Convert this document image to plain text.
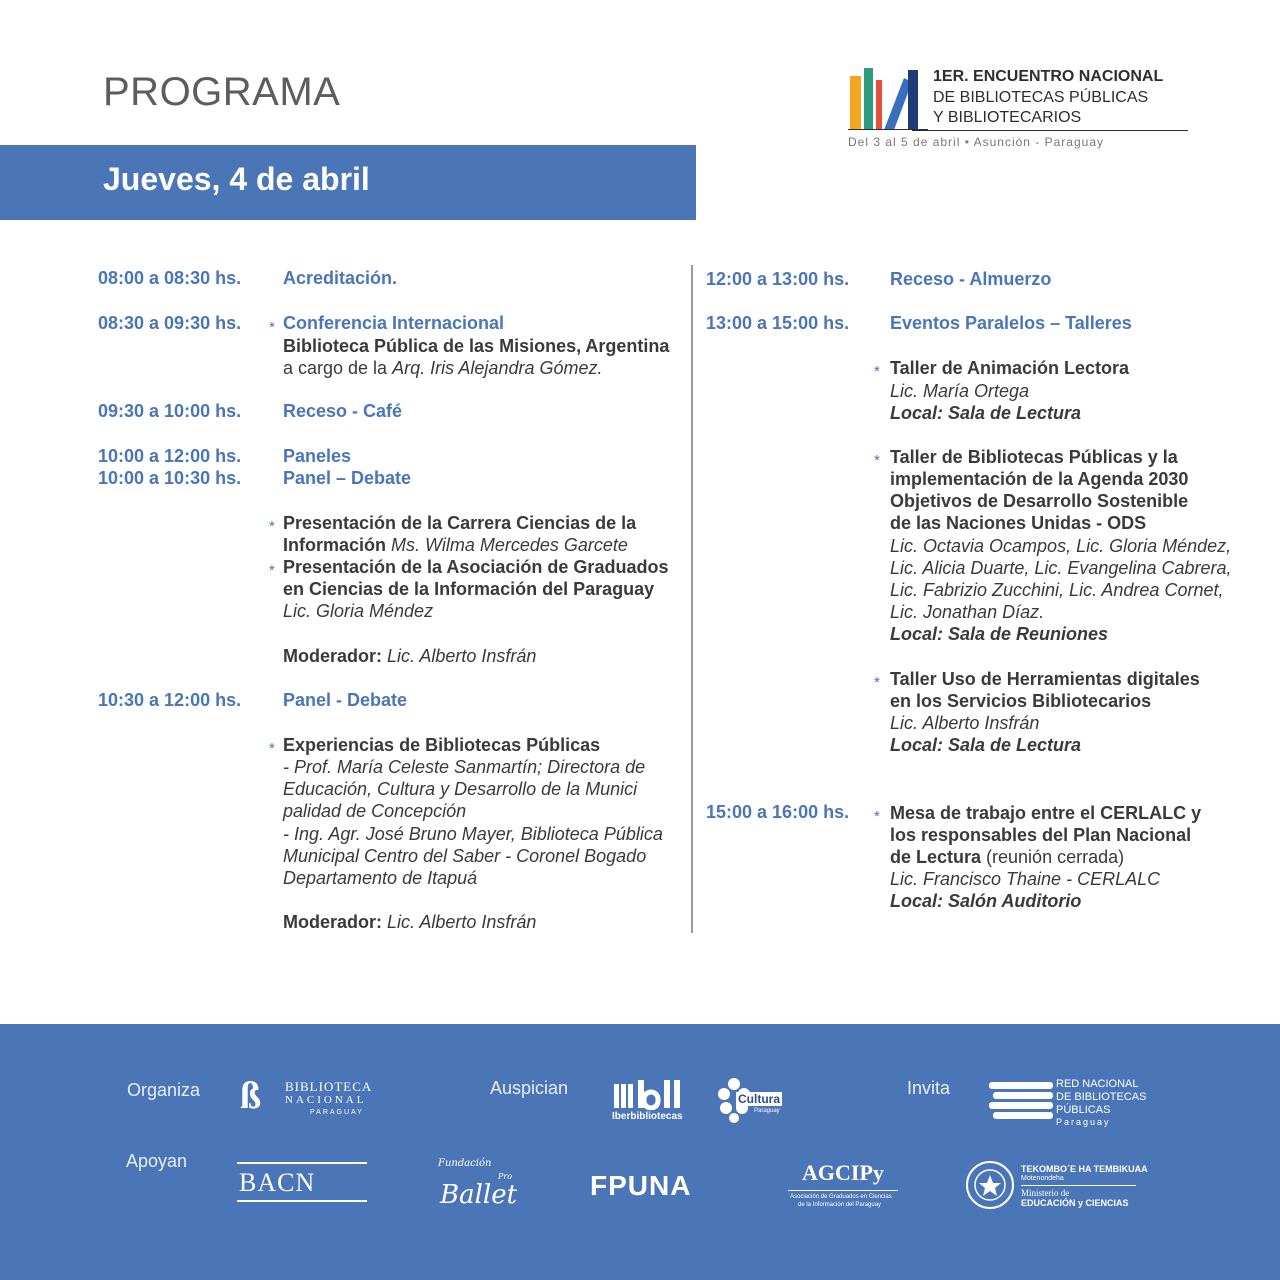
PROGRAMA	1ER. ENCUENTRO NACIONAL
DE BIBLIOTECAS PÚBLICAS
Y BIBLIOTECARIOS
Del 3 al 5 de abril • Asunción - Paraguay
Jueves, 4 de abril
08:00 a 08:30 hs. Acreditación.
08:30 a 09:30 hs. * Conferencia Internacional
Biblioteca Pública de las Misiones, Argentina
a cargo de la Arq. Iris Alejandra Gómez.
09:30 a 10:00 hs. Receso - Café
10:00 a 12:00 hs. Paneles
10:00 a 10:30 hs. Panel – Debate
* Presentación de la Carrera Ciencias de la
Información Ms. Wilma Mercedes Garcete
* Presentación de la Asociación de Graduados
en Ciencias de la Información del Paraguay
Lic. Gloria Méndez
Moderador: Lic. Alberto Insfrán
10:30 a 12:00 hs. Panel - Debate
* Experiencias de Bibliotecas Públicas
- Prof. María Celeste Sanmartín; Directora de
Educación, Cultura y Desarrollo de la Munici
palidad de Concepción
- Ing. Agr. José Bruno Mayer, Biblioteca Pública
Municipal Centro del Saber - Coronel Bogado
Departamento de Itapuá
Moderador: Lic. Alberto Insfrán
12:00 a 13:00 hs. Receso - Almuerzo
13:00 a 15:00 hs. Eventos Paralelos – Talleres
* Taller de Animación Lectora
Lic. María Ortega
Local: Sala de Lectura
* Taller de Bibliotecas Públicas y la
implementación de la Agenda 2030
Objetivos de Desarrollo Sostenible
de las Naciones Unidas - ODS
Lic. Octavia Ocampos, Lic. Gloria Méndez,
Lic. Alicia Duarte, Lic. Evangelina Cabrera,
Lic. Fabrizio Zucchini, Lic. Andrea Cornet,
Lic. Jonathan Díaz.
Local: Sala de Reuniones
* Taller Uso de Herramientas digitales
en los Servicios Bibliotecarios
Lic. Alberto Insfrán
Local: Sala de Lectura
15:00 a 16:00 hs. * Mesa de trabajo entre el CERLALC y
los responsables del Plan Nacional
de Lectura (reunión cerrada)
Lic. Francisco Thaine - CERLALC
Local: Salón Auditorio
Organiza	Auspician	Invita
Apoyan
ß BIBLIOTECA
NACIONAL
PARAGUAY	Iberbibliotecas
Cultura
Paraguay
RED NACIONAL
DE BIBLIOTECAS
PÚBLICAS
Paraguay
BACN
Fundación
Pro
Ballet	FPUNA	AGCIPy
Asociación de Graduados en Ciencias
de la Información del Paraguay
TEKOMBO´E HA TEMBIKUAA
Motenondeha
Ministerio de
EDUCACIÓN y CIENCIAS
